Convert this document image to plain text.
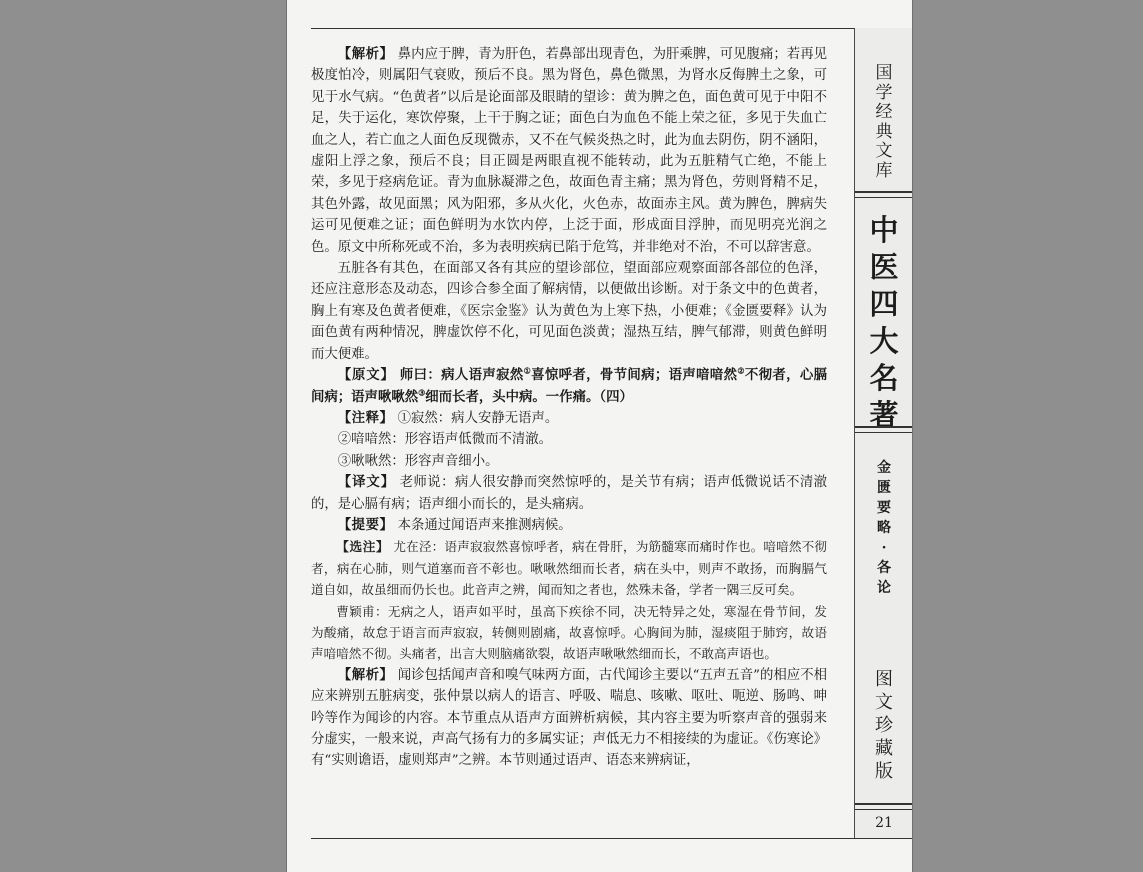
【解析】 鼻内应于脾，青为肝色，若鼻部出现青色，为肝乘脾，可见腹痛；若再见极度怕冷，则属阳气衰败，预后不良。黑为肾色，鼻色微黑，为肾水反侮脾土之象，可见于水气病。“色黄者”以后是论面部及眼睛的望诊：黄为脾之色，面色黄可见于中阳不足，失于运化，寒饮停聚，上干于胸之证；面色白为血色不能上荣之征，多见于失血亡血之人，若亡血之人面色反现微赤，又不在气候炎热之时，此为血去阴伤，阴不涵阳，虚阳上浮之象，预后不良；目正圆是两眼直视不能转动，此为五脏精气亡绝，不能上荣，多见于痉病危证。青为血脉凝滞之色，故面色青主痛；黑为肾色，劳则肾精不足，其色外露，故见面黑；风为阳邪，多从火化，火色赤，故面赤主风。黄为脾色，脾病失运可见便难之证；面色鲜明为水饮内停，上泛于面，形成面目浮肿，而见明亮光润之色。原文中所称死或不治，多为表明疾病已陷于危笃，并非绝对不治，不可以辞害意。

五脏各有其色，在面部又各有其应的望诊部位，望面部应观察面部各部位的色泽，还应注意形态及动态，四诊合参全面了解病情，以便做出诊断。对于条文中的色黄者，胸上有寒及色黄者便难，《医宗金鉴》认为黄色为上寒下热，小便难；《金匮要释》认为面色黄有两种情况，脾虚饮停不化，可见面色淡黄；湿热互结，脾气郁滞，则黄色鲜明而大便难。

【原文】 师曰：病人语声寂然①喜惊呼者，骨节间病；语声喑喑然②不彻者，心膈间病；语声啾啾然③细而长者，头中病。一作痛。（四）

【注释】 ①寂然：病人安静无语声。

②喑喑然：形容语声低微而不清澈。

③啾啾然：形容声音细小。

【译文】 老师说：病人很安静而突然惊呼的，是关节有病；语声低微说话不清澈的，是心膈有病；语声细小而长的，是头痛病。

【提要】 本条通过闻语声来推测病候。

【选注】 尤在泾：语声寂寂然喜惊呼者，病在骨肝，为筋髓寒而痛时作也。喑喑然不彻者，病在心肺，则气道塞而音不彰也。啾啾然细而长者，病在头中，则声不敢扬，而胸膈气道自如，故虽细而仍长也。此音声之辨，闻而知之者也，然殊未备，学者一隅三反可矣。

曹颖甫：无病之人，语声如平时，虽高下疾徐不同，决无特异之处，寒湿在骨节间，发为酸痛，故怠于语言而声寂寂，转侧则剧痛，故喜惊呼。心胸间为肺，湿痰阻于肺窍，故语声喑喑然不彻。头痛者，出言大则脑痛欲裂，故语声啾啾然细而长，不敢高声语也。

【解析】 闻诊包括闻声音和嗅气味两方面，古代闻诊主要以“五声五音”的相应不相应来辨别五脏病变，张仲景以病人的语言、呼吸、喘息、咳嗽、呕吐、呃逆、肠鸣、呻吟等作为闻诊的内容。本节重点从语声方面辨析病候，其内容主要为听察声音的强弱来分虚实，一般来说，声高气扬有力的多属实证；声低无力不相接续的为虚证。《伤寒论》有“实则谵语，虚则郑声”之辨。本节则通过语声、语态来辨病证，

国
学
经
典
文
库
中
医
四
大
名
著
金
匮
要
略
·
各
论
图
文
珍
藏
版
21
